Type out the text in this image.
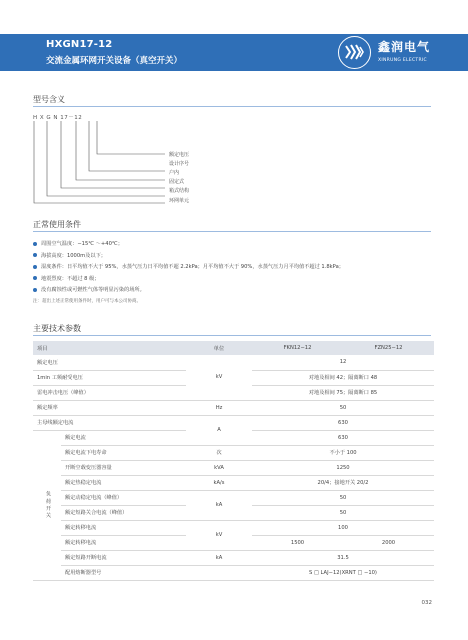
HXGN17-12
交流金属环网开关设备（真空开关）
鑫润电气
XINRUNG ELECTRIC
型号含义
H X G N 17－12
额定电压
设计序号
户内
固定式
箱式结构
环网单元
正常使用条件
周围空气温度：−15℃ ～+40℃；
海拔高度：1000m及以下；
湿度条件：日平均值不大于 95%，水蒸气压力日平均值不超 2.2kPa；月平均值不大于 90%，水蒸气压力月平均值不超过 1.8kPa；
地震烈度：不超过 8 级；
没有腐蚀性或可燃性气体等明显污染的场所。
注：超出上述正常使用条件时，用户可与本公司协商。
主要技术参数
项目		单位	FKN12−12	FZN25−12
额定电压		kV	12	
1min 工频耐受电压			对地及相间 42；隔离断口 48	
雷电冲击电压（峰值）			对地及相间 75；隔离断口 85	
额定频率		Hz	50	
主母线额定电流		A	630	
负荷开关	额定电流		630	
	额定电流下电寿命	次	不小于 100	
	开断空载变压器容量	kVA	1250	
	额定热稳定电流	kA/s	20/4；接地开关 20/2	
	额定动稳定电流（峰值）	kA	50	
	额定短路关合电流（峰值）		50	
	额定转移电流	kV	100	
	额定转移电流		1500	2000
	额定短路开断电流	kA	31.5	
	配用熔断器型号		S □ LAJ−12(XRNT □ −10)	
032
